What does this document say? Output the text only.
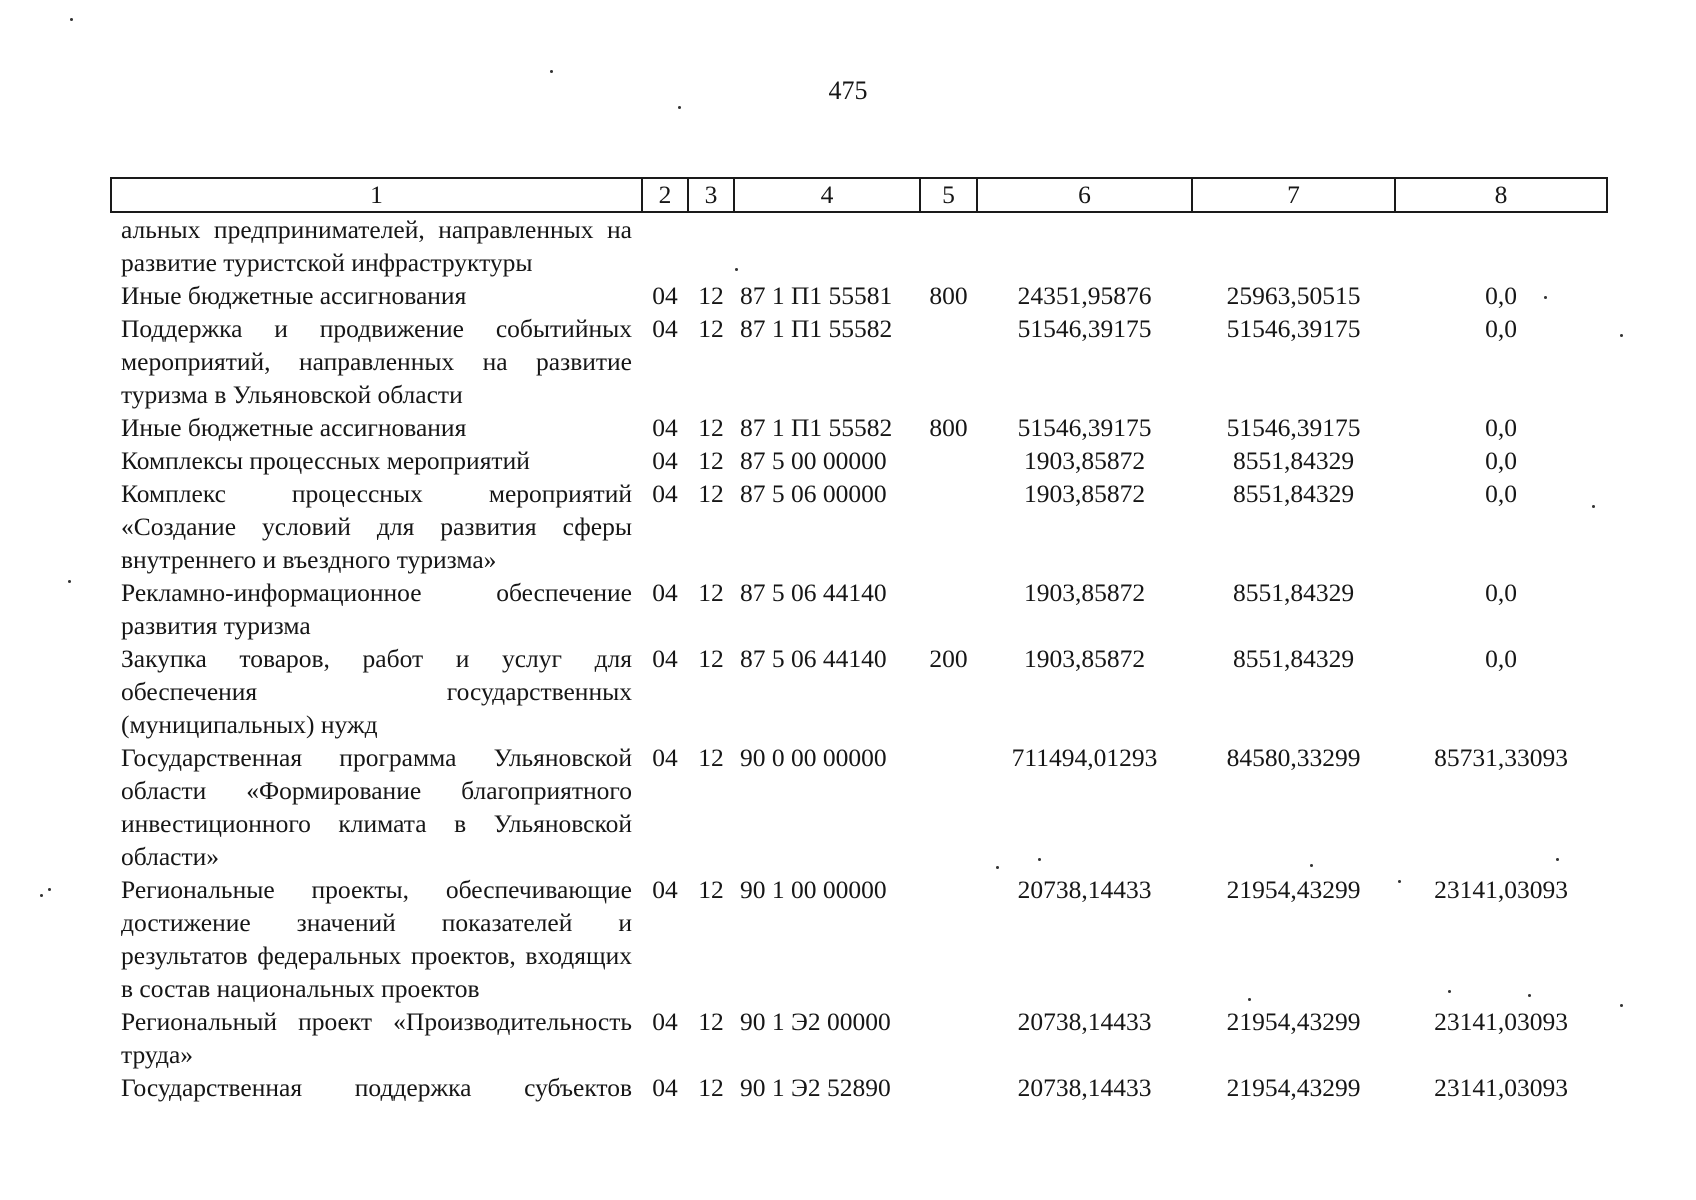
475
1	2	3	4	5	6	7	8
альных предпринимателей, направленных на развитие туристской инфраструктуры							
Иные бюджетные ассигнования	04	12	87 1 П1 55581	800	24351,95876	25963,50515	0,0
Поддержка и продвижение событийных мероприятий, направленных на развитие туризма в Ульяновской области	04	12	87 1 П1 55582		51546,39175	51546,39175	0,0
Иные бюджетные ассигнования	04	12	87 1 П1 55582	800	51546,39175	51546,39175	0,0
Комплексы процессных мероприятий	04	12	87 5 00 00000		1903,85872	8551,84329	0,0
Комплекс процессных мероприятий «Создание условий для развития сферы внутреннего и въездного туризма»	04	12	87 5 06 00000		1903,85872	8551,84329	0,0
Рекламно-информационное обеспечение развития туризма	04	12	87 5 06 44140		1903,85872	8551,84329	0,0
Закупка товаров, работ и услуг для обеспечения государственных (муниципальных) нужд	04	12	87 5 06 44140	200	1903,85872	8551,84329	0,0
Государственная программа Ульяновской области «Формирование благоприятного инвестиционного климата в Ульяновской области»	04	12	90 0 00 00000		711494,01293	84580,33299	85731,33093
Региональные проекты, обеспечивающие достижение значений показателей и результатов федеральных проектов, входящих в состав национальных проектов	04	12	90 1 00 00000		20738,14433	21954,43299	23141,03093
Региональный проект «Производительность труда»	04	12	90 1 Э2 00000		20738,14433	21954,43299	23141,03093
Государственная поддержка субъектов	04	12	90 1 Э2 52890		20738,14433	21954,43299	23141,03093
